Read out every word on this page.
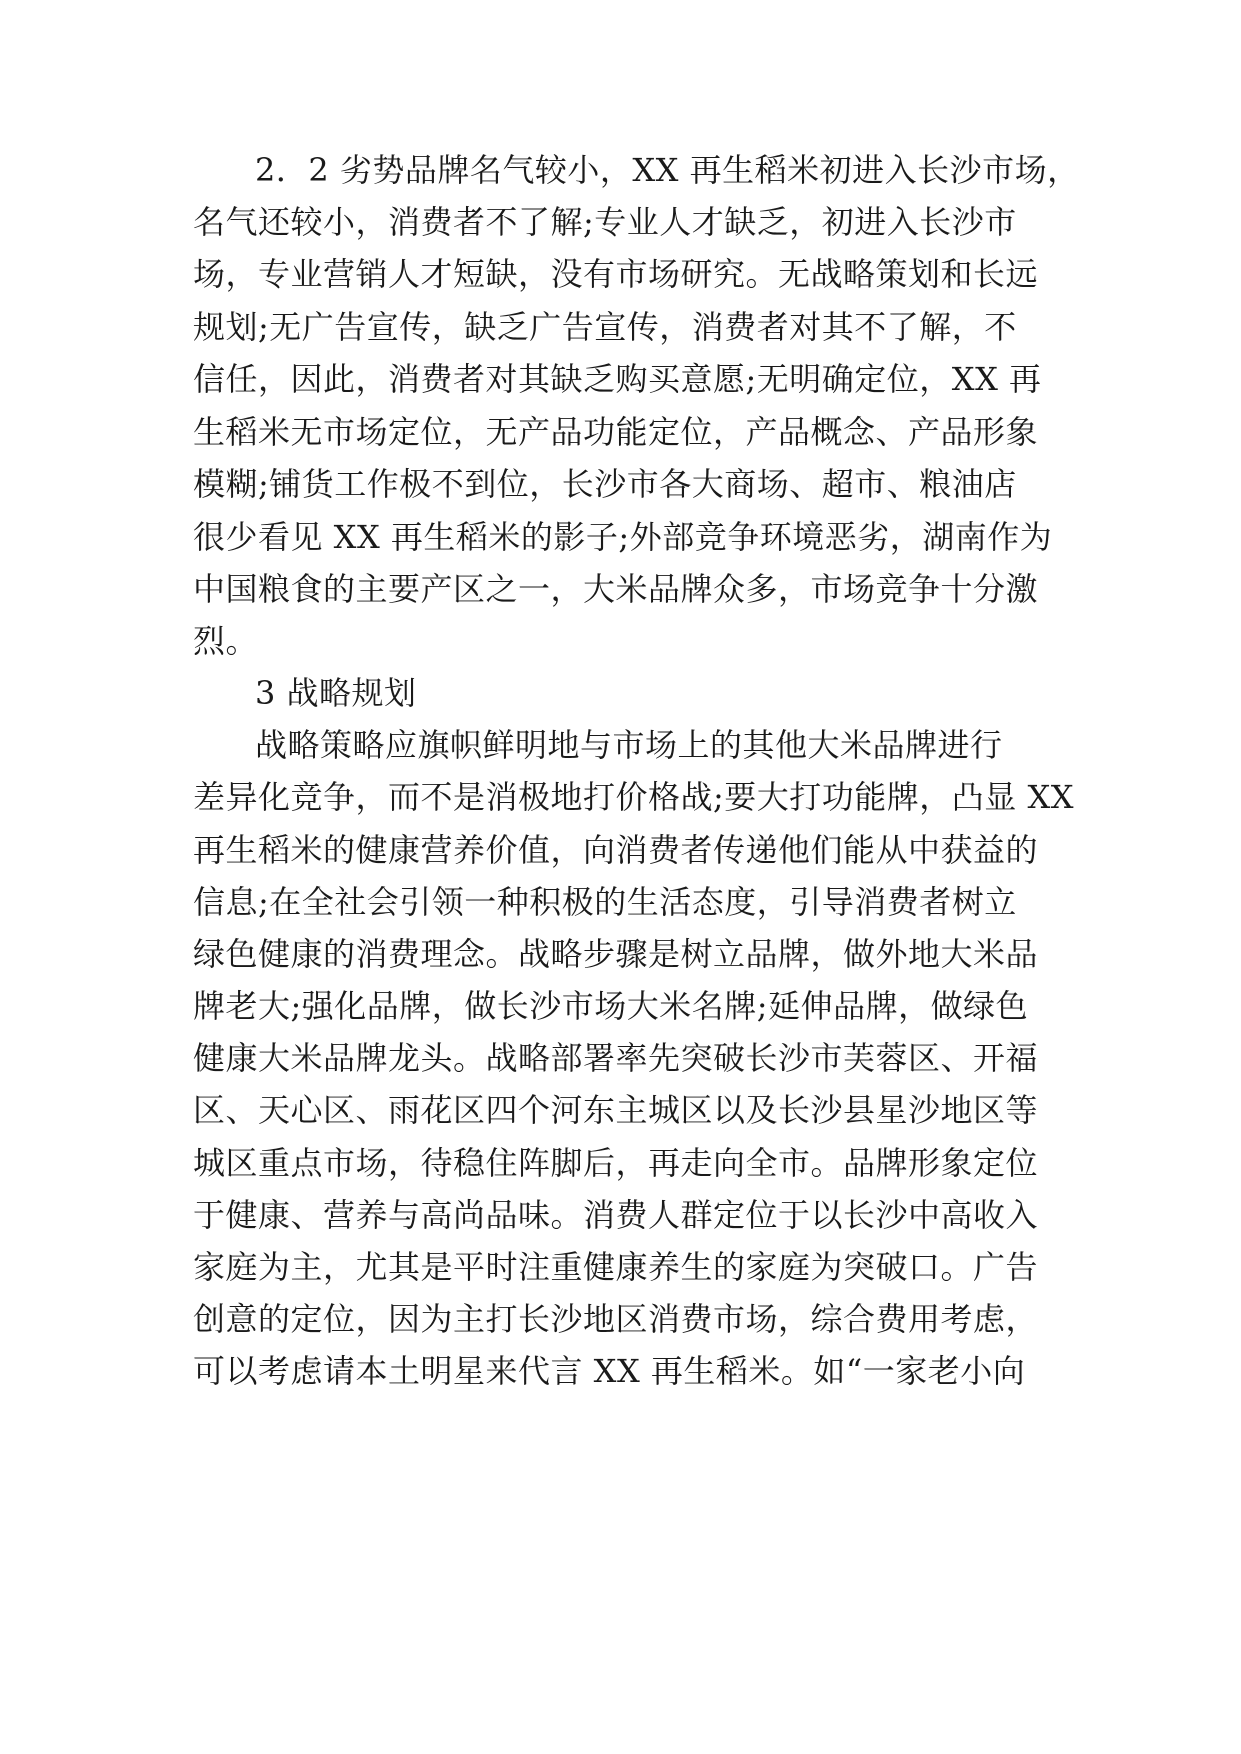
2．2 劣势品牌名气较小，XX 再生稻米初进入长沙市场，
名气还较小，消费者不了解;专业人才缺乏，初进入长沙市
场，专业营销人才短缺，没有市场研究。无战略策划和长远
规划;无广告宣传，缺乏广告宣传，消费者对其不了解，不
信任，因此，消费者对其缺乏购买意愿;无明确定位，XX 再
生稻米无市场定位，无产品功能定位，产品概念、产品形象
模糊;铺货工作极不到位，长沙市各大商场、超市、粮油店
很少看见 XX 再生稻米的影子;外部竞争环境恶劣，湖南作为
中国粮食的主要产区之一，大米品牌众多，市场竞争十分激
烈。
3 战略规划
战略策略应旗帜鲜明地与市场上的其他大米品牌进行
差异化竞争，而不是消极地打价格战;要大打功能牌，凸显 XX
再生稻米的健康营养价值，向消费者传递他们能从中获益的
信息;在全社会引领一种积极的生活态度，引导消费者树立
绿色健康的消费理念。战略步骤是树立品牌，做外地大米品
牌老大;强化品牌，做长沙市场大米名牌;延伸品牌，做绿色
健康大米品牌龙头。战略部署率先突破长沙市芙蓉区、开福
区、天心区、雨花区四个河东主城区以及长沙县星沙地区等
城区重点市场，待稳住阵脚后，再走向全市。品牌形象定位
于健康、营养与高尚品味。消费人群定位于以长沙中高收入
家庭为主，尤其是平时注重健康养生的家庭为突破口。广告
创意的定位，因为主打长沙地区消费市场，综合费用考虑，
可以考虑请本土明星来代言 XX 再生稻米。如“一家老小向
